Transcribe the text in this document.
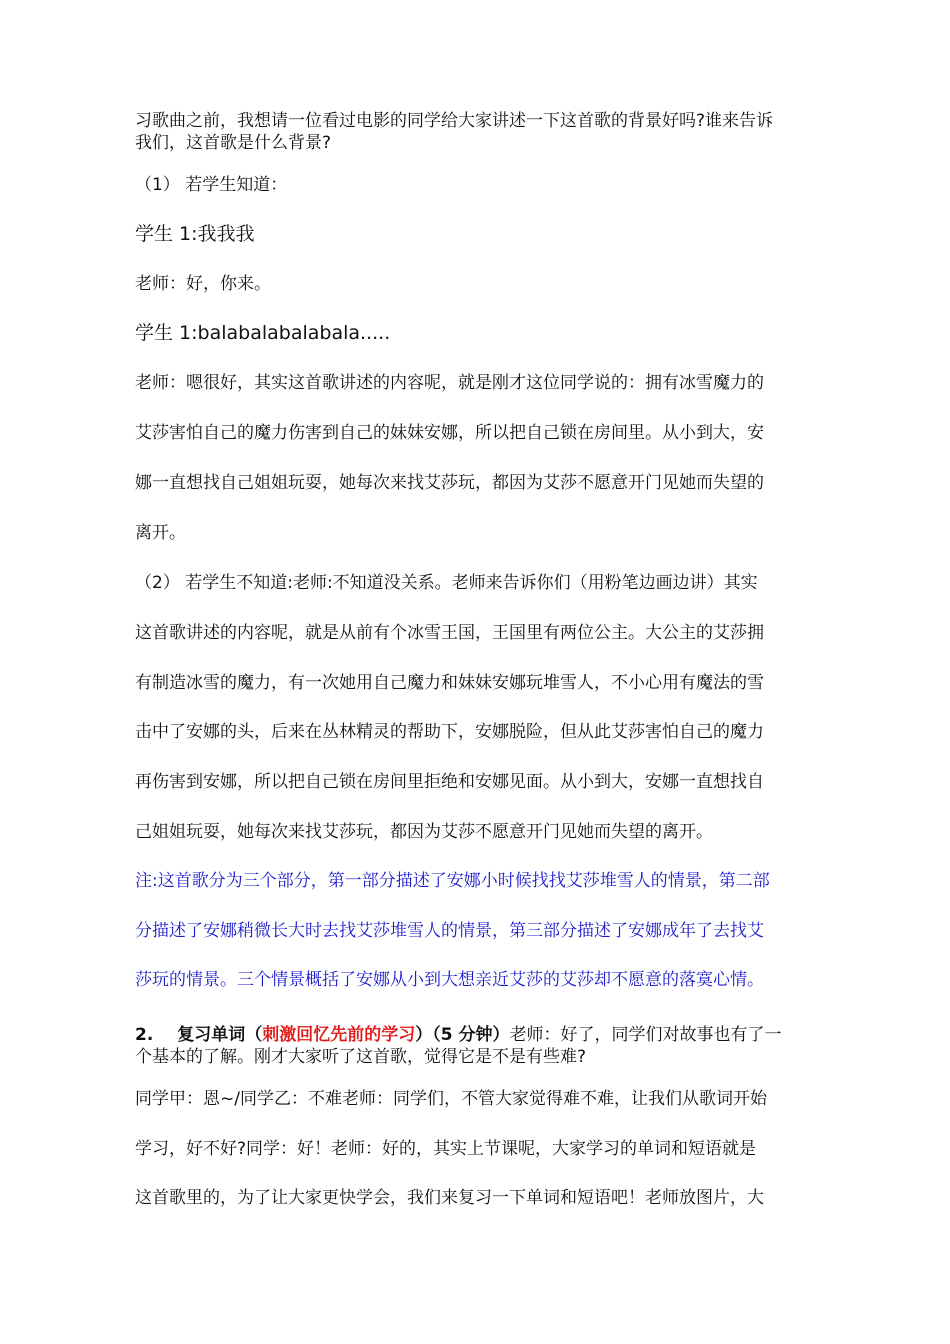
习歌曲之前，我想请一位看过电影的同学给大家讲述一下这首歌的背景好吗?谁来告诉
我们，这首歌是什么背景?
（1） 若学生知道：
学生 1:我我我
老师：好，你来。
学生 1:balabalabalabala.....
老师：嗯很好，其实这首歌讲述的内容呢，就是刚才这位同学说的：拥有冰雪魔力的
艾莎害怕自己的魔力伤害到自己的妹妹安娜，所以把自己锁在房间里。从小到大，安
娜一直想找自己姐姐玩耍，她每次来找艾莎玩，都因为艾莎不愿意开门见她而失望的
离开。
（2） 若学生不知道:老师:不知道没关系。老师来告诉你们（用粉笔边画边讲）其实
这首歌讲述的内容呢，就是从前有个冰雪王国，王国里有两位公主。大公主的艾莎拥
有制造冰雪的魔力，有一次她用自己魔力和妹妹安娜玩堆雪人，不小心用有魔法的雪
击中了安娜的头，后来在丛林精灵的帮助下，安娜脱险，但从此艾莎害怕自己的魔力
再伤害到安娜，所以把自己锁在房间里拒绝和安娜见面。从小到大，安娜一直想找自
己姐姐玩耍，她每次来找艾莎玩，都因为艾莎不愿意开门见她而失望的离开。
注:这首歌分为三个部分，第一部分描述了安娜小时候找找艾莎堆雪人的情景，第二部
分描述了安娜稍微长大时去找艾莎堆雪人的情景，第三部分描述了安娜成年了去找艾
莎玩的情景。三个情景概括了安娜从小到大想亲近艾莎的艾莎却不愿意的落寞心情。
2. 复习单词（刺激回忆先前的学习）（5 分钟）老师：好了，同学们对故事也有了一
个基本的了解。刚才大家听了这首歌，觉得它是不是有些难?
同学甲：恩~/同学乙：不难老师：同学们，不管大家觉得难不难，让我们从歌词开始
学习，好不好?同学：好！老师：好的，其实上节课呢，大家学习的单词和短语就是
这首歌里的，为了让大家更快学会，我们来复习一下单词和短语吧！老师放图片，大
